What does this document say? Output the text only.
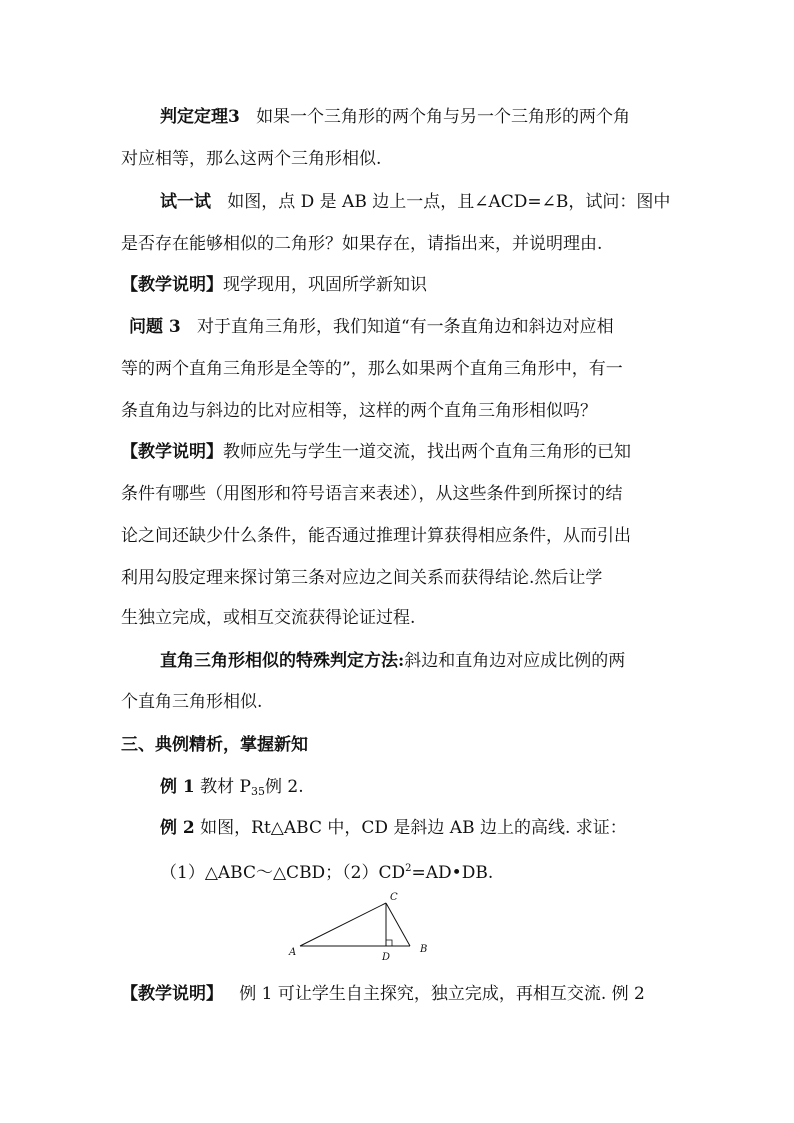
判定定理3 如果一个三角形的两个角与另一个三角形的两个角
对应相等，那么这两个三角形相似.
试一试 如图，点 D 是 AB 边上一点，且∠ACD=∠B，试问：图中
是否存在能够相似的二角形？如果存在，请指出来，并说明理由.
【教学说明】现学现用，巩固所学新知识
问题 3 对于直角三角形，我们知道“有一条直角边和斜边对应相
等的两个直角三角形是全等的”，那么如果两个直角三角形中，有一
条直角边与斜边的比对应相等，这样的两个直角三角形相似吗？
【教学说明】教师应先与学生一道交流，找出两个直角三角形的已知
条件有哪些（用图形和符号语言来表述），从这些条件到所探讨的结
论之间还缺少什么条件，能否通过推理计算获得相应条件，从而引出
利用勾股定理来探讨第三条对应边之间关系而获得结论.然后让学
生独立完成，或相互交流获得论证过程.
直角三角形相似的特殊判定方法:斜边和直角边对应成比例的两
个直角三角形相似.
三、典例精析，掌握新知
例 1 教材 $P_{35}$例 2.
例 2 如图，Rt△ABC 中，CD 是斜边 AB 边上的高线. 求证：
（1）△ABC～△CBD；$(2)CD^2=AD•DB$.
A	B
C
D
【教学说明】 例 1 可让学生自主探究，独立完成，再相互交流. 例 2
